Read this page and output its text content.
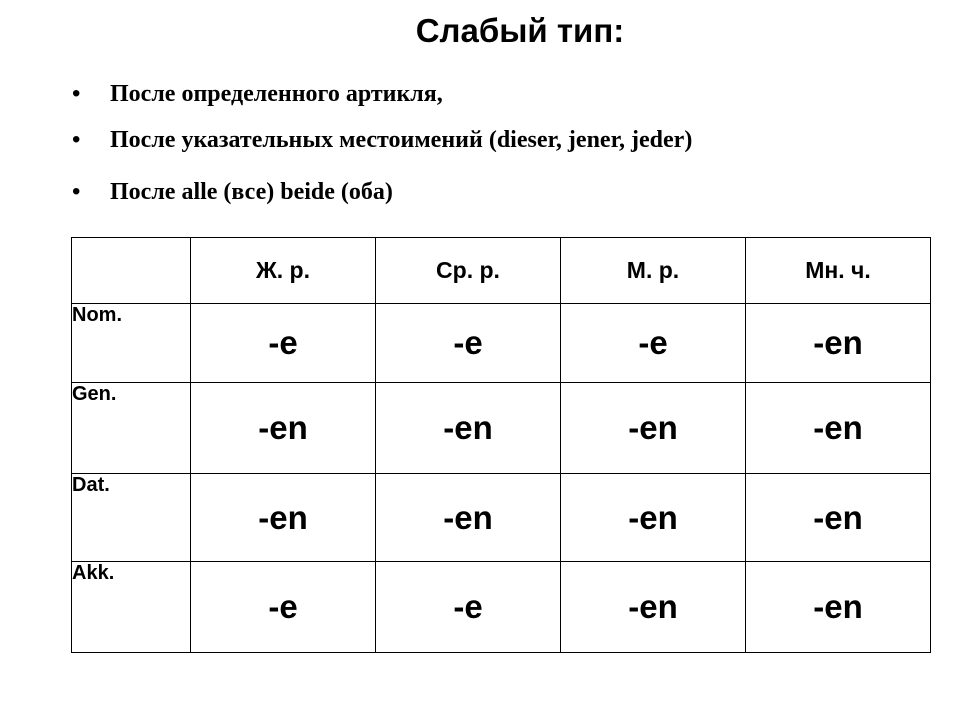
Слабый тип:
• После определенного артикля,
• После указательных местоимений (dieser, jener, jeder)
• После alle (все) beide (оба)
	Ж. р.	Ср. р.	М. р.	Мн. ч.
Nom.	-e	-e	-e	-en
Gen.	-en	-en	-en	-en
Dat.	-en	-en	-en	-en
Akk.	-e	-e	-en	-en
